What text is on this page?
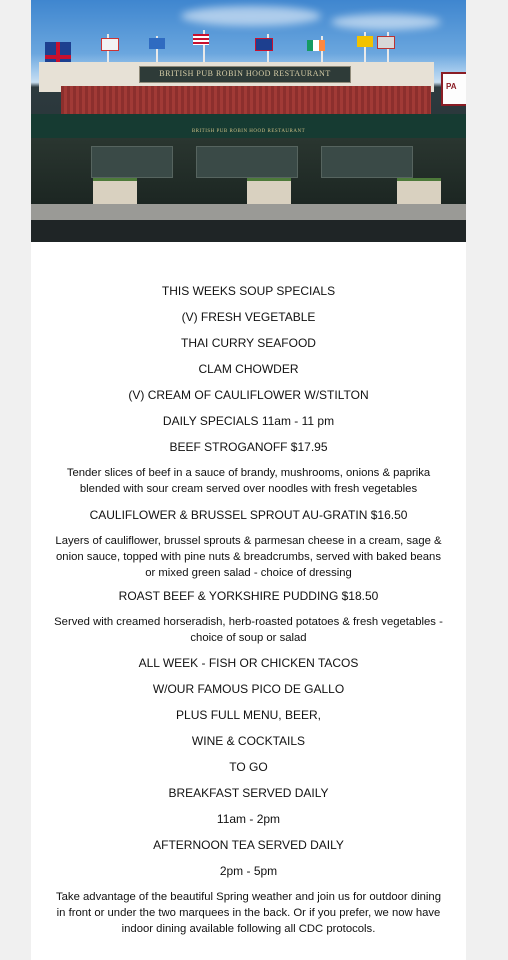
BRITISH PUB ROBIN HOOD RESTAURANT
PA
BRITISH PUB ROBIN HOOD RESTAURANT
THIS WEEKS SOUP SPECIALS
(V) FRESH VEGETABLE
THAI CURRY SEAFOOD
CLAM CHOWDER
(V) CREAM OF CAULIFLOWER W/STILTON
DAILY SPECIALS 11am - 11 pm
BEEF STROGANOFF $17.95
Tender slices of beef in a sauce of brandy, mushrooms, onions & paprika blended with sour cream served over noodles with fresh vegetables
CAULIFLOWER & BRUSSEL SPROUT AU-GRATIN $16.50
Layers of cauliflower, brussel sprouts & parmesan cheese in a cream, sage & onion sauce, topped with pine nuts & breadcrumbs, served with baked beans or mixed green salad - choice of dressing
ROAST BEEF & YORKSHIRE PUDDING $18.50
Served with creamed horseradish, herb-roasted potatoes & fresh vegetables - choice of soup or salad
ALL WEEK - FISH OR CHICKEN TACOS
W/OUR FAMOUS PICO DE GALLO
PLUS FULL MENU, BEER,
WINE & COCKTAILS
TO GO
BREAKFAST SERVED DAILY
11am - 2pm
AFTERNOON TEA SERVED DAILY
2pm - 5pm
Take advantage of the beautiful Spring weather and join us for outdoor dining in front or under the two marquees in the back. Or if you prefer, we now have indoor dining available following all CDC protocols.
